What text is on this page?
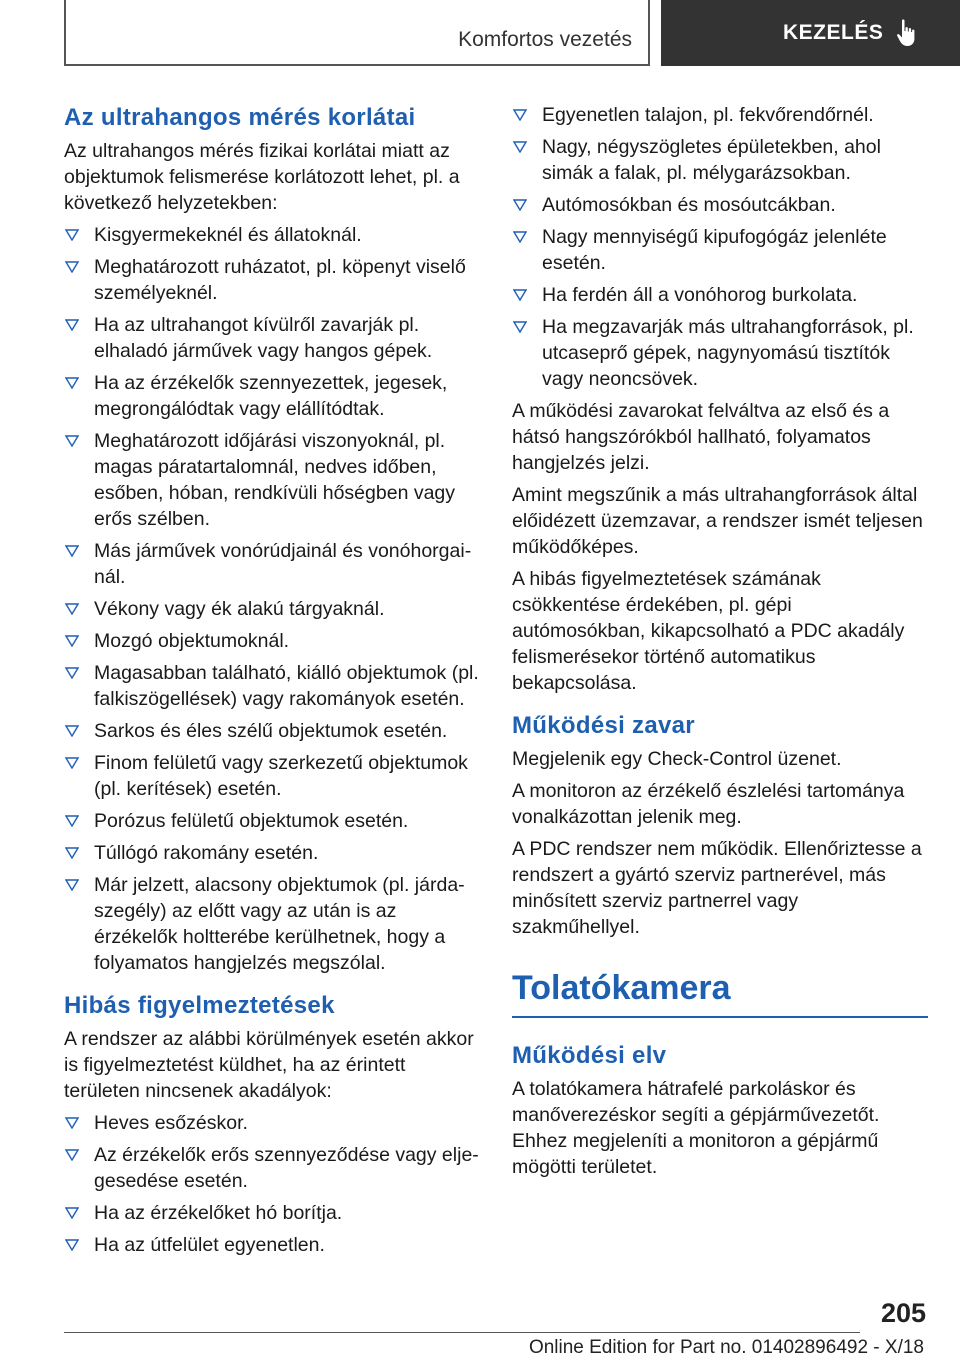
Komfortos vezetés	KEZELÉS
Az ultrahangos mérés korlátai

Az ultrahangos mérés fizikai korlátai miatt az objektumok felismerése korlátozott lehet, pl. a következő helyzetekben:

Kisgyermekeknél és állatoknál.
Meghatározott ruházatot, pl. köpenyt viselő személyeknél.
Ha az ultrahangot kívülről zavarják pl. elhaladó járművek vagy hangos gépek.
Ha az érzékelők szennyezettek, jegesek, megrongálódtak vagy elállítódtak.
Meghatározott időjárási viszonyoknál, pl. magas páratartalomnál, nedves időben, esőben, hóban, rendkívüli hőségben vagy erős szélben.
Más járművek vonórúdjainál és vonóhorgainál.
Vékony vagy ék alakú tárgyaknál.
Mozgó objektumoknál.
Magasabban található, kiálló objektumok (pl. falkiszögellések) vagy rakományok esetén.
Sarkos és éles szélű objektumok esetén.
Finom felületű vagy szerkezetű objektumok (pl. kerítések) esetén.
Porózus felületű objektumok esetén.
Túllógó rakomány esetén.
Már jelzett, alacsony objektumok (pl. járdaszegély) az előtt vagy az után is az érzékelők holtterébe kerülhetnek, hogy a folyamatos hangjelzés megszólal.
Hibás figyelmeztetések

A rendszer az alábbi körülmények esetén akkor is figyelmeztetést küldhet, ha az érintett területen nincsenek akadályok:

Heves esőzéskor.
Az érzékelők erős szennyeződése vagy eljegesedése esetén.
Ha az érzékelőket hó borítja.
Ha az útfelület egyenetlen.
Egyenetlen talajon, pl. fekvőrendőrnél.
Nagy, négyszögletes épületekben, ahol simák a falak, pl. mélygarázsokban.
Autómosókban és mosóutcákban.
Nagy mennyiségű kipufogógáz jelenléte esetén.
Ha ferdén áll a vonóhorog burkolata.
Ha megzavarják más ultrahangforrások, pl. utcaseprő gépek, nagynyomású tisztítók vagy neoncsövek.

A működési zavarokat felváltva az első és a hátsó hangszórókból hallható, folyamatos hangjelzés jelzi.

Amint megszűnik a más ultrahangforrások által előidézett üzemzavar, a rendszer ismét teljesen működőképes.

A hibás figyelmeztetések számának csökkentése érdekében, pl. gépi autómosókban, kikapcsolható a PDC akadály felismerésekor történő automatikus bekapcsolása.

Működési zavar

Megjelenik egy Check-Control üzenet.

A monitoron az érzékelő észlelési tartománya vonalkázottan jelenik meg.

A PDC rendszer nem működik. Ellenőriztesse a rendszert a gyártó szerviz partnerével, más minősített szerviz partnerrel vagy szakműhellyel.

Tolatókamera
Működési elv

A tolatókamera hátrafelé parkoláskor és manőverezéskor segíti a gépjárművezetőt. Ehhez megjeleníti a monitoron a gépjármű mögötti területet.

205
Online Edition for Part no. 01402896492 - X/18
